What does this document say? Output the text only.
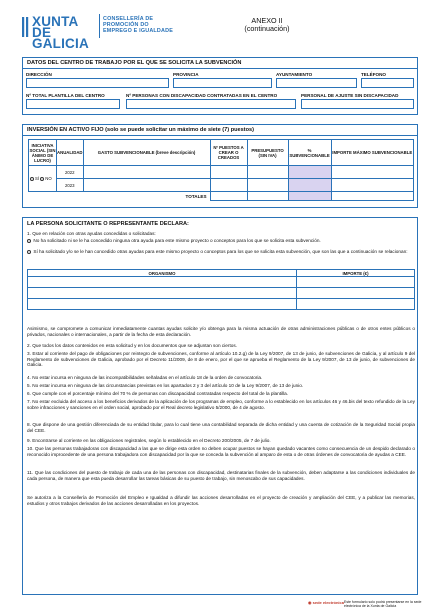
XUNTA
DE GALICIA
CONSELLERÍA DE
PROMOCIÓN DO
EMPREGO E IGUALDADE
ANEXO II
(continuación)
DATOS DEL CENTRO DE TRABAJO POR EL QUE SE SOLICITA LA SUBVENCIÓN
DIRECCIÓN	PROVINCIA	AYUNTAMIENTO	TELÉFONO
Nº TOTAL PLANTILLA DEL CENTRO	Nº PERSONAS CON DISCAPACIDAD CONTRATADAS EN EL CENTRO	PERSONAL DE AJUSTE SIN DISCAPACIDAD
INVERSIÓN EN ACTIVO FIJO (solo se puede solicitar un máximo de siete (7) puestos)
INICIATIVA SOCIAL (SIN ÁNIMO DE LUCRO)	ANUALIDAD	GASTO SUBVENCIONABLE (breve descripción)	Nº PUESTOS A CREAR O CREADOS	PRESUPUESTO (SIN IVA)	% SUBVENCIONABLE	IMPORTE MÁXIMO SUBVENCIONABLE
SÍ NO	2022					
	2023					
TOTALES						
LA PERSONA SOLICITANTE O REPRESENTANTE DECLARA:
1. Que en relación con otras ayudas concedidas o solicitadas:
No ha solicitado ni se le ha concedido ninguna otra ayuda para este mismo proyecto o conceptos para los que se solicita esta subvención.
Sí ha solicitado y/o se le han concedido otras ayudas para este mismo proyecto o conceptos para los que se solicita esta subvención, que son las que a continuación se relacionan:
ORGANISMO	IMPORTE (€)

Asimismo, se compromete a comunicar inmediatamente cuantas ayudas solicite y/o obtenga para la misma actuación de otras administraciones públicas o de otros entes públicos o privados, nacionales o internacionales, a partir de la fecha de esta declaración.
2. Que todos los datos contenidos en esta solicitud y en los documentos que se adjuntan son ciertos.
3. Estar al corriente del pago de obligaciones por reintegro de subvenciones, conforme al artículo 10.2.g) de la Ley 9/2007, de 13 de junio, de subvenciones de Galicia, y al artículo 9 del Reglamento de subvenciones de Galicia, aprobado por el Decreto 11/2009, de 8 de enero, por el que se aprueba el Reglamento de la Ley 9/2007, de 13 de junio, de subvenciones de Galicia.
4. No estar incursa en ninguna de las incompatibilidades señaladas en el artículo 18 de la orden de convocatoria.
5. No estar incursa en ninguna de las circunstancias previstas en los apartados 2 y 3 del artículo 10 de la Ley 9/2007, de 13 de junio.
6. Que cumple con el porcentaje mínimo del 70 % de personas con discapacidad contratadas respecto del total de la plantilla.
7. No estar excluida del acceso a los beneficios derivados de la aplicación de los programas de empleo, conforme a lo establecido en los artículos 46 y 46.bis del texto refundido de la Ley sobre infracciones y sanciones en el orden social, aprobado por el Real decreto legislativo 5/2000, de 4 de agosto.
8. Que dispone de una gestión diferenciada de su entidad titular, para lo cual tiene una contabilidad separada de dicha entidad y una cuenta de cotización de la Seguridad Social propia del CEE.
9. Encontrarse al corriente en las obligaciones registrales, según lo establecido en el Decreto 200/2005, de 7 de julio.
10. Que las personas trabajadoras con discapacidad a las que se dirige esta orden no deben ocupar puestos se hayan quedado vacantes como consecuencia de un despido declarado o reconocido improcedente de una persona trabajadora con discapacidad por la que se conceda la subvención al amparo de esta o de otras órdenes de convocatoria de ayudas a CEE.
11. Que las condiciones del puesto de trabajo de cada una de las personas con discapacidad, destinatarias finales de la subvención, deben adaptarse a las condiciones individuales de cada persona, de manera que esta pueda desarrollar las tareas básicas de su puesto de trabajo, sin menoscabo de sus capacidades.
Se autoriza a la Consellería de Promoción del Empleo e Igualdad a difundir las acciones desarrolladas en el proyecto de creación y ampliación del CEE, y a publicar las memorias, estudios y otros trabajos derivados de las acciones desarrolladas en los proyectos.
◉ sede electrónica Este formulario solo podrá presentarse en la sede electrónica de la Xunta de Galicia
